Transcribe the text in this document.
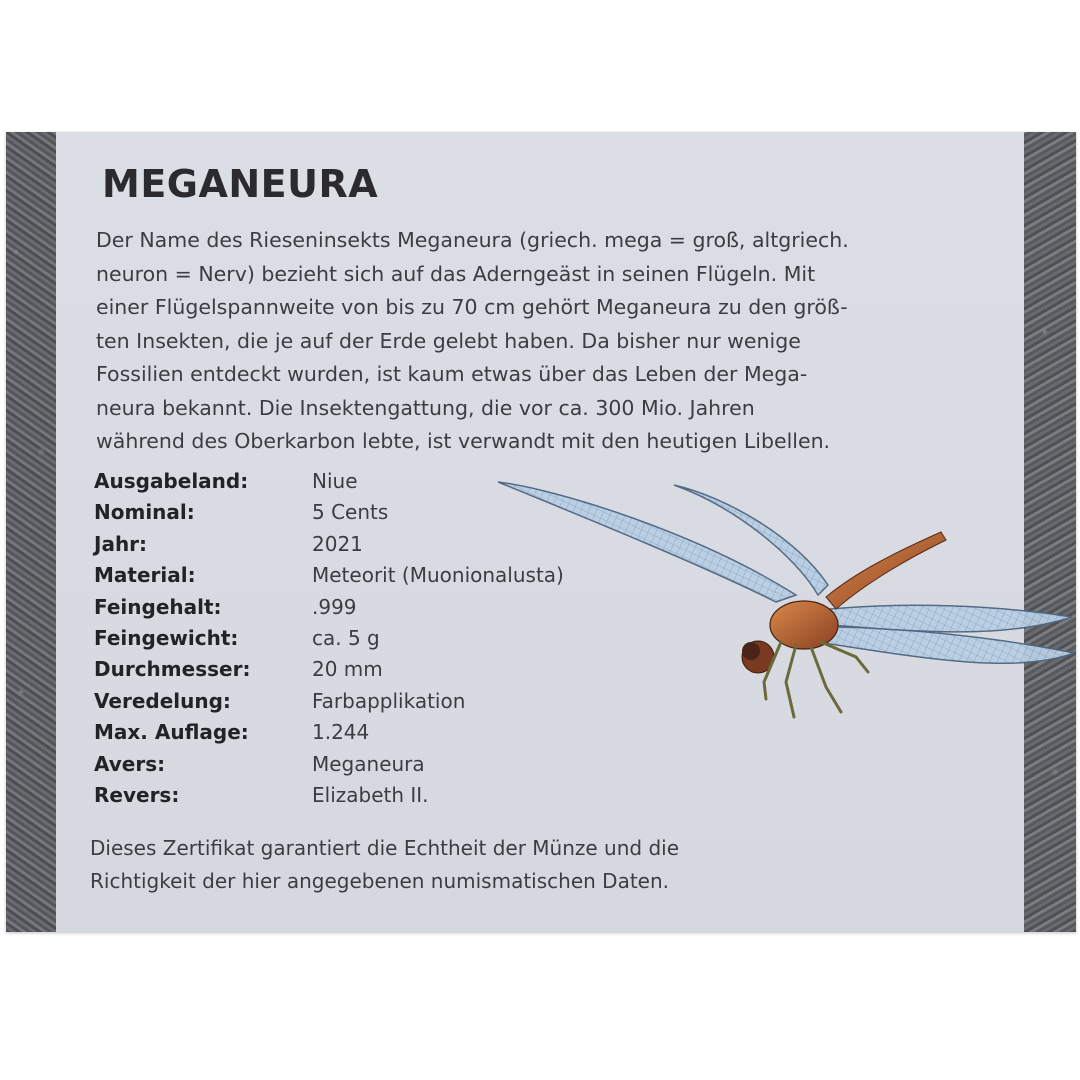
MEGANEURA
Der Name des Rieseninsekts Meganeura (griech. mega = groß, altgriech.
neuron = Nerv) bezieht sich auf das Aderngeäst in seinen Flügeln. Mit
einer Flügelspannweite von bis zu 70 cm gehört Meganeura zu den größ-
ten Insekten, die je auf der Erde gelebt haben. Da bisher nur wenige
Fossilien entdeckt wurden, ist kaum etwas über das Leben der Mega-
neura bekannt. Die Insektengattung, die vor ca. 300 Mio. Jahren
während des Oberkarbon lebte, ist verwandt mit den heutigen Libellen.
Ausgabeland:	Niue
Nominal:	5 Cents
Jahr:	2021
Material:	Meteorit (Muonionalusta)
Feingehalt:	.999
Feingewicht:	ca. 5 g
Durchmesser:	20 mm
Veredelung:	Farbapplikation
Max. Auflage:	1.244
Avers:	Meganeura
Revers:	Elizabeth II.
Dieses Zertifikat garantiert die Echtheit der Münze und die
Richtigkeit der hier angegebenen numismatischen Daten.
